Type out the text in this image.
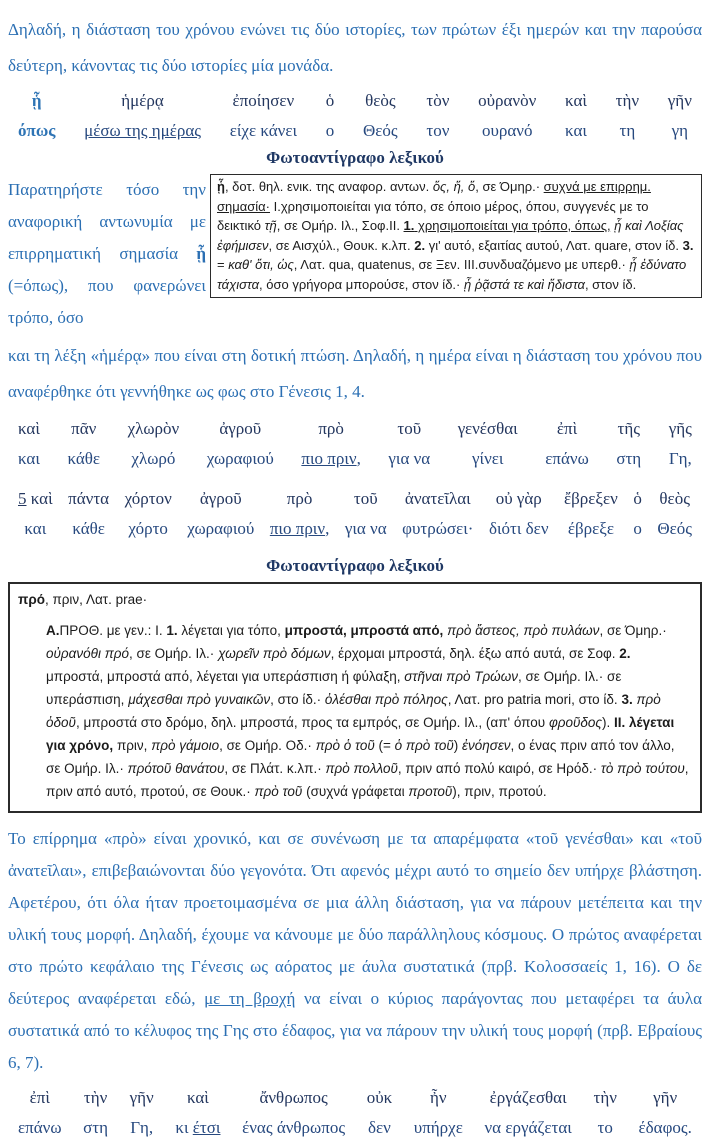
Δηλαδή, η διάσταση του χρόνου ενώνει τις δύο ιστορίες, των πρώτων έξι ημερών και την παρούσα δεύτερη, κάνοντας τις δύο ιστορίες μία μονάδα.

ᾗ
όπως
ἡμέρᾳ
μέσω της ημέρας
ἐποίησεν
είχε κάνει
ὁ
ο
θεὸς
Θεός
τὸν
τον
οὐρανὸν
ουρανό
καὶ
και
τὴν
τη
γῆν
γη
Φωτοαντίγραφο λεξικού

Παρατηρήστε τόσο την αναφορική αντωνυμία με επιρρηματική σημασία ᾗ (=όπως), που φανερώνει τρόπο, όσο

ᾗ, δοτ. θηλ. ενικ. της αναφορ. αντων. ὅς, ἥ, ὅ, σε Όμηρ.· συχνά με επιρρημ. σημασία· Ι.χρησιμοποιείται για τόπο, σε όποιο μέρος, όπου, συγγενές με το δεικτικό τῇ, σε Ομήρ. Ιλ., Σοφ.ΙΙ. 1. χρησιμοποιείται για τρόπο, όπως, ᾗ καὶ Λοξίας ἐφήμισεν, σε Αισχύλ., Θουκ. κ.λπ. 2. γι' αυτό, εξαιτίας αυτού, Λατ. quare, στον ίδ. 3. = καθ' ὅτι, ὡς, Λατ. qua, quatenus, σε Ξεν. ΙΙΙ.συνδυαζόμενο με υπερθ.· ᾗ ἐδύνατο τάχιστα, όσο γρήγορα μπορούσε, στον ίδ.· ᾗ ῥᾷστά τε καὶ ἥδιστα, στον ίδ.

και τη λέξη «ἡμέρᾳ» που είναι στη δοτική πτώση. Δηλαδή, η ημέρα είναι η διάσταση του χρόνου που αναφέρθηκε ότι γεννήθηκε ως φως στο Γένεσις 1, 4.

καὶ
και
πᾶν
κάθε
χλωρὸν
χλωρό
ἀγροῦ
χωραφιού
πρὸ
πιο πριν,
τοῦ
για να
γενέσθαι
γίνει
ἐπὶ
επάνω
τῆς
στη
γῆς
Γη,
5 καὶ
και
πάντα
κάθε
χόρτον
χόρτο
ἀγροῦ
χωραφιού
πρὸ
πιο πριν,
τοῦ
για να
ἀνατεῖλαι
φυτρώσει·
οὐ γὰρ
διότι δεν
ἔβρεξεν
έβρεξε
ὁ
ο
θεὸς
Θεός
Φωτοαντίγραφο λεξικού

πρό, πριν, Λατ. prae·

Α.ΠΡΟΘ. με γεν.: Ι. 1. λέγεται για τόπο, μπροστά, μπροστά από, πρὸ ἄστεος, πρὸ πυλάων, σε Όμηρ.· οὐρανόθι πρό, σε Ομήρ. Ιλ.· χωρεῖν πρὸ δόμων, έρχομαι μπροστά, δηλ. έξω από αυτά, σε Σοφ. 2. μπροστά, μπροστά από, λέγεται για υπεράσπιση ή φύλαξη, στῆναι πρὸ Τρώων, σε Ομήρ. Ιλ.· σε υπεράσπιση, μάχεσθαι πρὸ γυναικῶν, στο ίδ.· ὀλέσθαι πρὸ πόληος, Λατ. pro patria mori, στο ίδ. 3. πρὸ ὁδοῦ, μπροστά στο δρόμο, δηλ. μπροστά, προς τα εμπρός, σε Ομήρ. Ιλ., (απ' όπου φροῦδος). ΙΙ. λέγεται για χρόνο, πριν, πρὸ γάμοιο, σε Ομήρ. Οδ.· πρὸ ὁ τοῦ (= ὁ πρὸ τοῦ) ἐνόησεν, ο ένας πριν από τον άλλο, σε Ομήρ. Ιλ.· πρότοῦ θανάτου, σε Πλάτ. κ.λπ.· πρὸ πολλοῦ, πριν από πολύ καιρό, σε Ηρόδ.· τὸ πρὸ τούτου, πριν από αυτό, προτού, σε Θουκ.· πρὸ τοῦ (συχνά γράφεται προτοῦ), πριν, προτού.

Το επίρρημα «πρὸ» είναι χρονικό, και σε συνένωση με τα απαρέμφατα «τοῦ γενέσθαι» και «τοῦ ἀνατεῖλαι», επιβεβαιώνονται δύο γεγονότα. Ότι αφενός μέχρι αυτό το σημείο δεν υπήρχε βλάστηση. Αφετέρου, ότι όλα ήταν προετοιμασμένα σε μια άλλη διάσταση, για να πάρουν μετέπειτα και την υλική τους μορφή. Δηλαδή, έχουμε να κάνουμε με δύο παράλληλους κόσμους. Ο πρώτος αναφέρεται στο πρώτο κεφάλαιο της Γένεσις ως αόρατος με άυλα συστατικά (πρβ. Κολοσσαείς 1, 16). Ο δε δεύτερος αναφέρεται εδώ, με τη βροχή να είναι ο κύριος παράγοντας που μεταφέρει τα άυλα συστατικά από το κέλυφος της Γης στο έδαφος, για να πάρουν την υλική τους μορφή (πρβ. Εβραίους 6, 7).

ἐπὶ
επάνω
τὴν
στη
γῆν
Γη,
καὶ
κι έτσι
ἄνθρωπος
ένας άνθρωπος
οὐκ
δεν
ἦν
υπήρχε
ἐργάζεσθαι
να εργάζεται
τὴν
το
γῆν
έδαφος.
